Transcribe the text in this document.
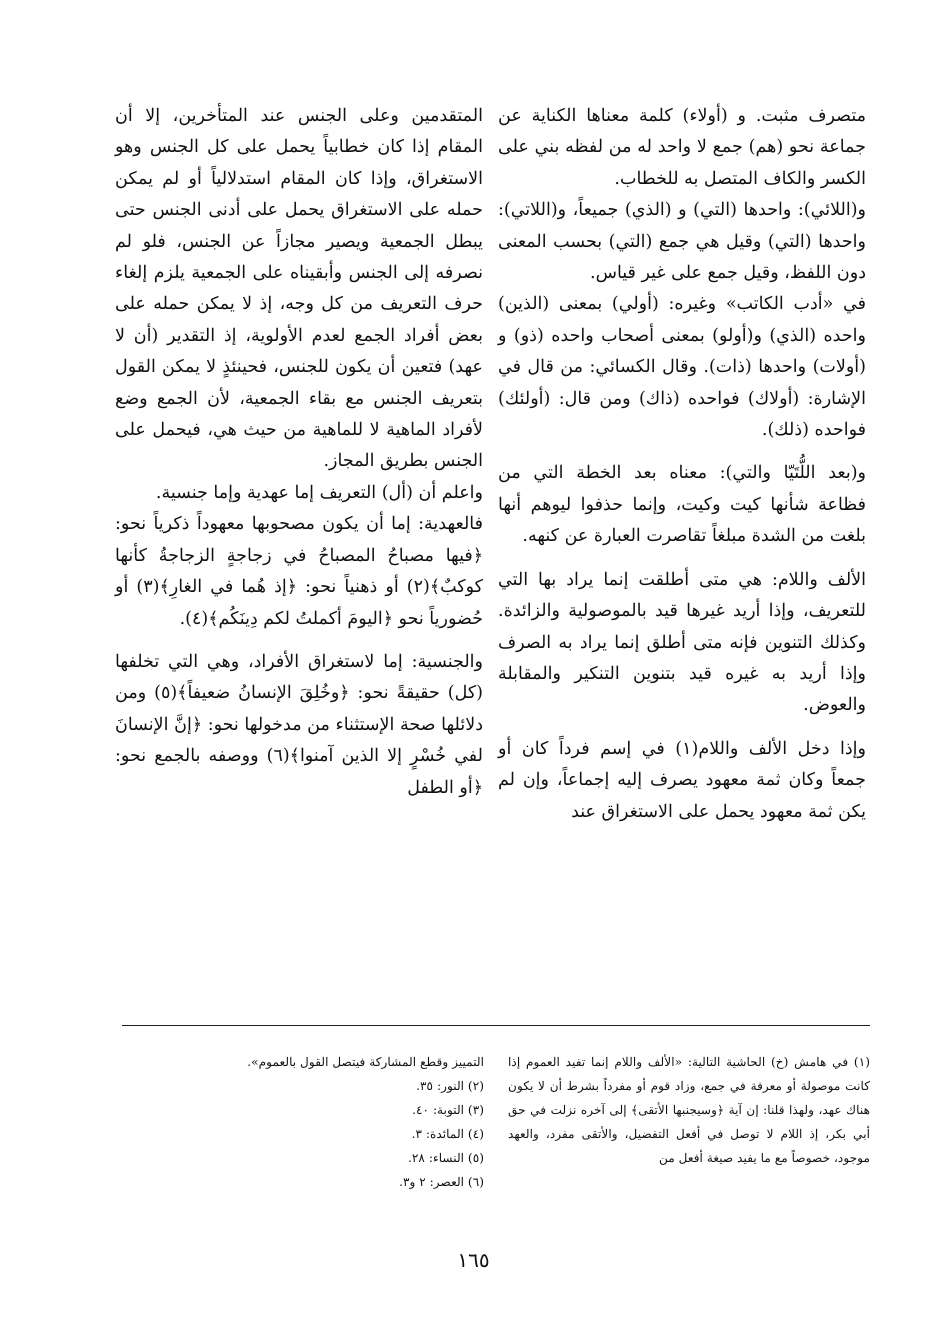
متصرف مثبت. و (أولاء) كلمة معناها الكناية عن جماعة نحو (هم) جمع لا واحد له من لفظه بني على الكسر والكاف المتصل به للخطاب.

و(اللائي): واحدها (التي) و (الذي) جميعاً، و(اللاتي): واحدها (التي) وقيل هي جمع (التي) بحسب المعنى دون اللفظ، وقيل جمع على غير قياس.

في «أدب الكاتب» وغيره: (أولي) بمعنى (الذين) واحده (الذي) و(أولو) بمعنى أصحاب واحده (ذو) و (أولات) واحدها (ذات). وقال الكسائي: من قال في الإشارة: (أولاك) فواحده (ذاك) ومن قال: (أولئك) فواحده (ذلك).

و(بعد اللُّتَيّا والتي): معناه بعد الخطة التي من فظاعة شأنها كيت وكيت، وإنما حذفوا ليوهم أنها بلغت من الشدة مبلغاً تقاصرت العبارة عن كنهه.

الألف واللام: هي متى أطلقت إنما يراد بها التي للتعريف، وإذا أريد غيرها قيد بالموصولية والزائدة. وكذلك التنوين فإنه متى أطلق إنما يراد به الصرف وإذا أريد به غيره قيد بتنوين التنكير والمقابلة والعوض.

وإذا دخل الألف واللام(١) في إسم فرداً كان أو جمعاً وكان ثمة معهود يصرف إليه إجماعاً، وإن لم يكن ثمة معهود يحمل على الاستغراق عند

المتقدمين وعلى الجنس عند المتأخرين، إلا أن المقام إذا كان خطابياً يحمل على كل الجنس وهو الاستغراق، وإذا كان المقام استدلالياً أو لم يمكن حمله على الاستغراق يحمل على أدنى الجنس حتى يبطل الجمعية ويصير مجازاً عن الجنس، فلو لم نصرفه إلى الجنس وأبقيناه على الجمعية يلزم إلغاء حرف التعريف من كل وجه، إذ لا يمكن حمله على بعض أفراد الجمع لعدم الأولوية، إذ التقدير (أن لا عهد) فتعين أن يكون للجنس، فحينئذٍ لا يمكن القول بتعريف الجنس مع بقاء الجمعية، لأن الجمع وضع لأفراد الماهية لا للماهية من حيث هي، فيحمل على الجنس بطريق المجاز.

واعلم أن (أل) التعريف إما عهدية وإما جنسية.

فالعهدية: إما أن يكون مصحوبها معهوداً ذكرياً نحو: ﴿فيها مصباحُ المصباحُ في زجاجةٍ الزجاجةُ كأنها كوكبٌ﴾(٢) أو ذهنياً نحو: ﴿إذ هُما في الغارِ﴾(٣) أو حُضورياً نحو ﴿اليومَ أكملتُ لكم دِينَكُم﴾(٤).

والجنسية: إما لاستغراق الأفراد، وهي التي تخلفها (كل) حقيقةً نحو: ﴿وخُلِقَ الإنسانُ ضعيفاً﴾(٥) ومن دلائلها صحة الإستثناء من مدخولها نحو: ﴿إنَّ الإنسانَ لفي خُسْرٍ إلا الذين آمنوا﴾(٦) ووصفه بالجمع نحو: ﴿أو الطفل

(١) في هامش (خ) الحاشية التالية: «الألف واللام إنما تفيد العموم إذا كانت موصولة أو معرفة في جمع، وزاد قوم أو مفرداً بشرط أن لا يكون هناك عهد، ولهذا قلنا: إن آية ﴿وسيجنبها الأتقى﴾ إلى آخره نزلت في حق أبي بكر، إذ اللام لا توصل في أفعل التفضيل، والأتقى مفرد، والعهد موجود، خصوصاً مع ما يفيد صيغة أفعل من

التمييز وقطع المشاركة فيتصل القول بالعموم».

(٢) النور: ٣٥.

(٣) التوبة: ٤٠.

(٤) المائدة: ٣.

(٥) النساء: ٢٨.

(٦) العصر: ٢ و٣.

١٦٥
